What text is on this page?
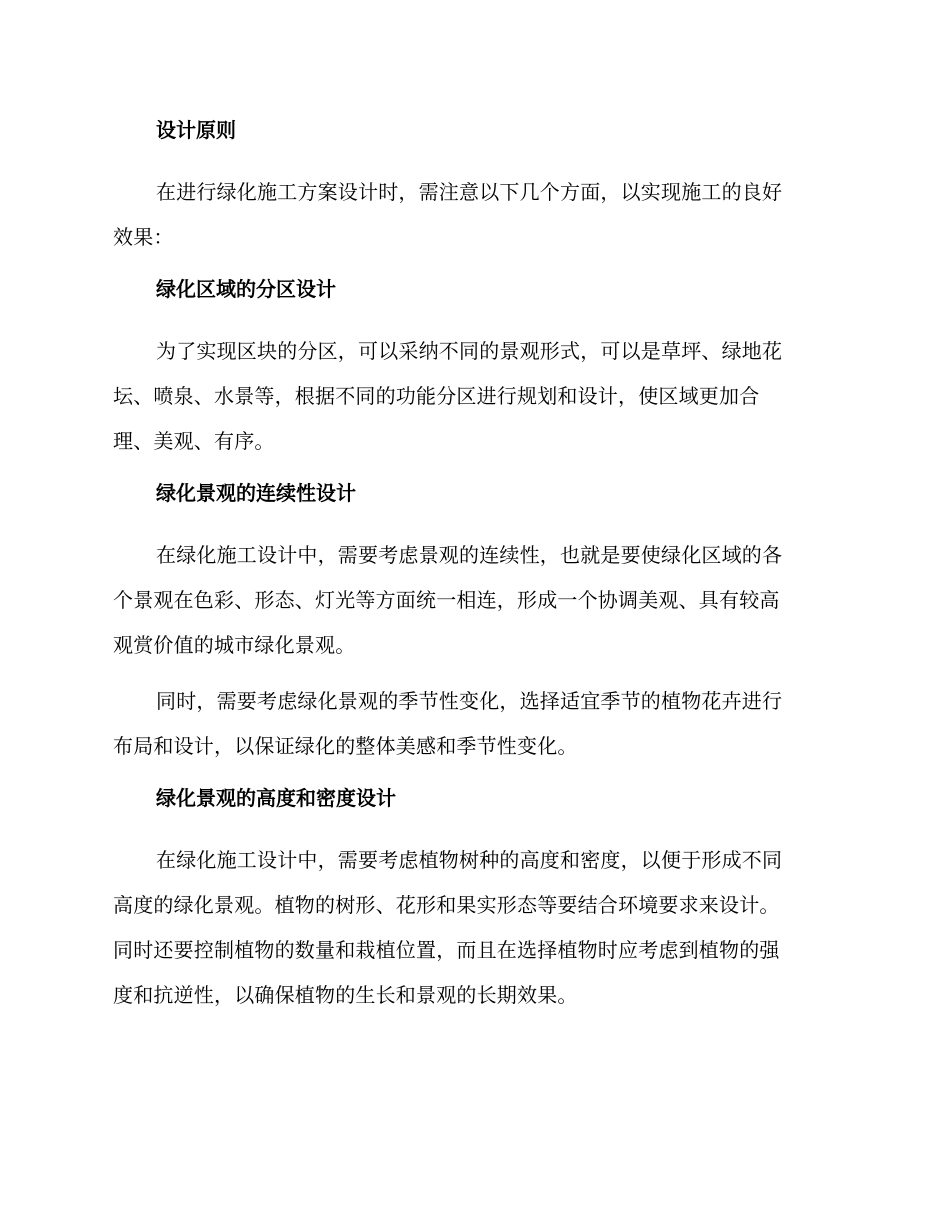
设计原则
在进行绿化施工方案设计时，需注意以下几个方面，以实现施工的良好
效果：
绿化区域的分区设计
为了实现区块的分区，可以采纳不同的景观形式，可以是草坪、绿地花
坛、喷泉、水景等，根据不同的功能分区进行规划和设计，使区域更加合
理、美观、有序。
绿化景观的连续性设计
在绿化施工设计中，需要考虑景观的连续性，也就是要使绿化区域的各
个景观在色彩、形态、灯光等方面统一相连，形成一个协调美观、具有较高
观赏价值的城市绿化景观。
同时，需要考虑绿化景观的季节性变化，选择适宜季节的植物花卉进行
布局和设计，以保证绿化的整体美感和季节性变化。
绿化景观的高度和密度设计
在绿化施工设计中，需要考虑植物树种的高度和密度，以便于形成不同
高度的绿化景观。植物的树形、花形和果实形态等要结合环境要求来设计。
同时还要控制植物的数量和栽植位置，而且在选择植物时应考虑到植物的强
度和抗逆性，以确保植物的生长和景观的长期效果。
